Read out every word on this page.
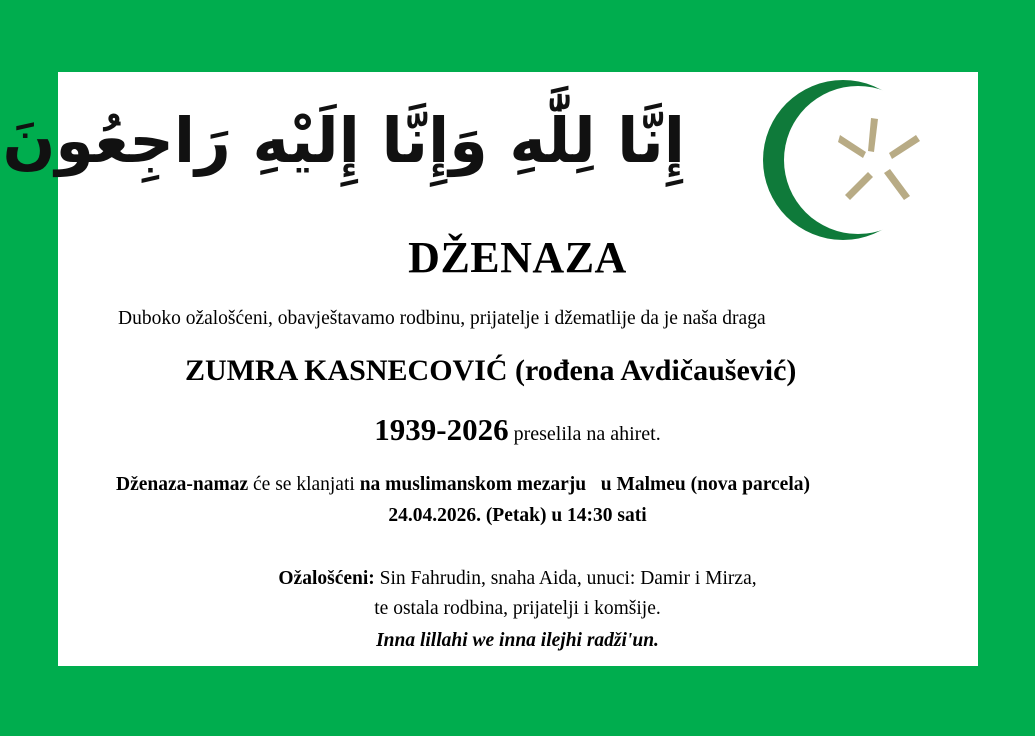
إِنَّا لِلَّٰهِ وَإِنَّا إِلَيْهِ رَاجِعُونَ
DŽENAZA
Duboko ožalošćeni, obavještavamo rodbinu, prijatelje i džematlije da je naša draga
ZUMRA KASNECOVIĆ (rođena Avdičaušević)
1939-2026 preselila na ahiret.
Dženaza-namaz će se klanjati na muslimanskom mezarju   u Malmeu (nova parcela)
24.04.2026. (Petak) u 14:30 sati
Ožalošćeni: Sin Fahrudin, snaha Aida, unuci: Damir i Mirza,
te ostala rodbina, prijatelji i komšije.
Inna lillahi we inna ilejhi radži'un.
